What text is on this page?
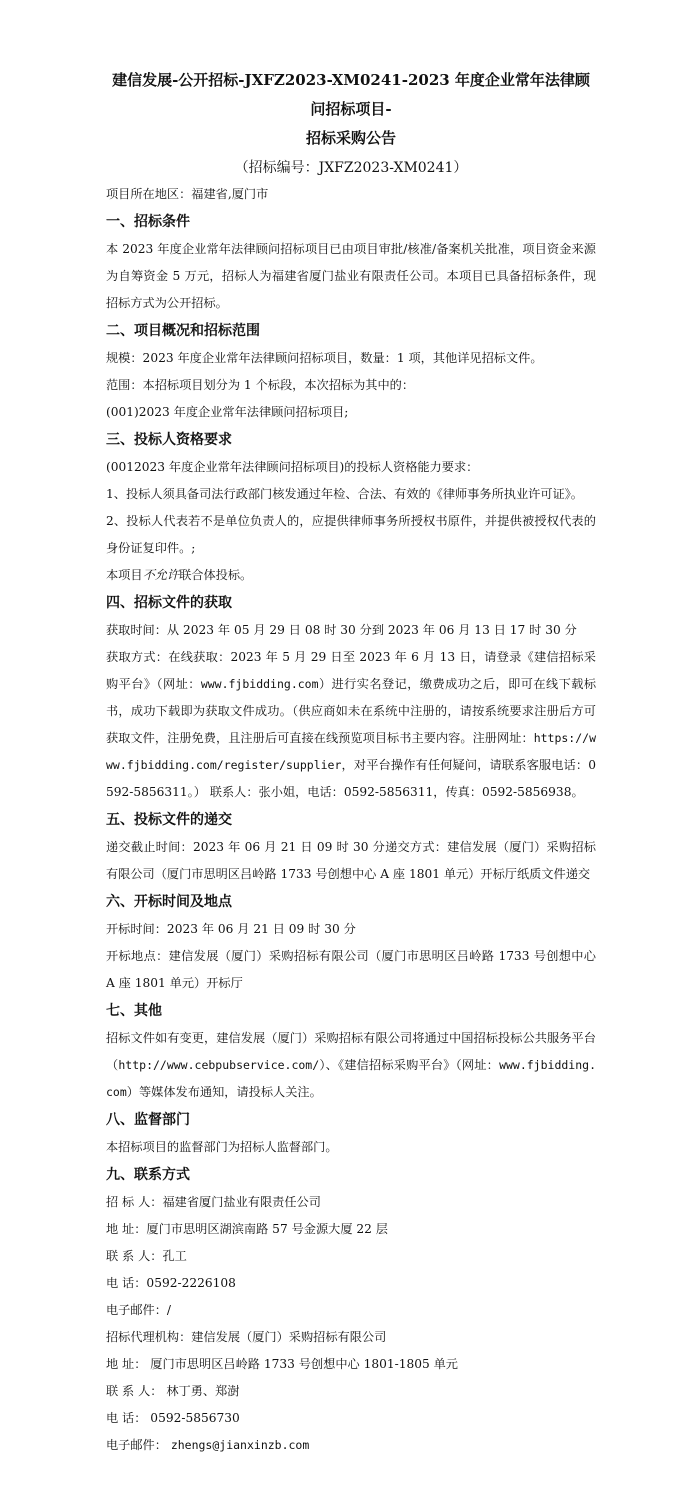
建信发展-公开招标-JXFZ2023-XM0241-2023 年度企业常年法律顾问招标项目-
招标采购公告

（招标编号：JXFZ2023-XM0241）

项目所在地区：福建省,厦门市

一、招标条件

本 2023 年度企业常年法律顾问招标项目已由项目审批/核准/备案机关批准，项目资金来源为自筹资金 5 万元，招标人为福建省厦门盐业有限责任公司。本项目已具备招标条件，现招标方式为公开招标。

二、项目概况和招标范围

规模：2023 年度企业常年法律顾问招标项目，数量：1 项，其他详见招标文件。

范围：本招标项目划分为 1 个标段，本次招标为其中的：

(001)2023 年度企业常年法律顾问招标项目;

三、投标人资格要求

(0012023 年度企业常年法律顾问招标项目)的投标人资格能力要求：

1、投标人须具备司法行政部门核发通过年检、合法、有效的《律师事务所执业许可证》。

2、投标人代表若不是单位负责人的，应提供律师事务所授权书原件，并提供被授权代表的身份证复印件。;

本项目不允许联合体投标。

四、招标文件的获取

获取时间：从 2023 年 05 月 29 日 08 时 30 分到 2023 年 06 月 13 日 17 时 30 分

获取方式：在线获取：2023 年 5 月 29 日至 2023 年 6 月 13 日，请登录《建信招标采购平台》（网址：www.fjbidding.com）进行实名登记，缴费成功之后，即可在线下载标书，成功下载即为获取文件成功。（供应商如未在系统中注册的，请按系统要求注册后方可获取文件，注册免费，且注册后可直接在线预览项目标书主要内容。注册网址：https://www.fjbidding.com/register/supplier，对平台操作有任何疑问，请联系客服电话：0592-5856311。） 联系人：张小姐，电话：0592-5856311，传真：0592-5856938。

五、投标文件的递交

递交截止时间：2023 年 06 月 21 日 09 时 30 分递交方式：建信发展（厦门）采购招标有限公司（厦门市思明区吕岭路 1733 号创想中心 A 座 1801 单元）开标厅纸质文件递交

六、开标时间及地点

开标时间：2023 年 06 月 21 日 09 时 30 分

开标地点：建信发展（厦门）采购招标有限公司（厦门市思明区吕岭路 1733 号创想中心 A 座 1801 单元）开标厅

七、其他

招标文件如有变更，建信发展（厦门）采购招标有限公司将通过中国招标投标公共服务平台（http://www.cebpubservice.com/）、《建信招标采购平台》（网址：www.fjbidding.com）等媒体发布通知，请投标人关注。

八、监督部门

本招标项目的监督部门为招标人监督部门。

九、联系方式

招 标 人：福建省厦门盐业有限责任公司

地 址：厦门市思明区湖滨南路 57 号金源大厦 22 层

联 系 人：孔工

电 话：0592-2226108

电子邮件：/

招标代理机构：建信发展（厦门）采购招标有限公司

地 址： 厦门市思明区吕岭路 1733 号创想中心 1801-1805 单元

联 系 人： 林丁勇、郑澍

电 话： 0592-5856730

电子邮件： zhengs@jianxinzb.com
